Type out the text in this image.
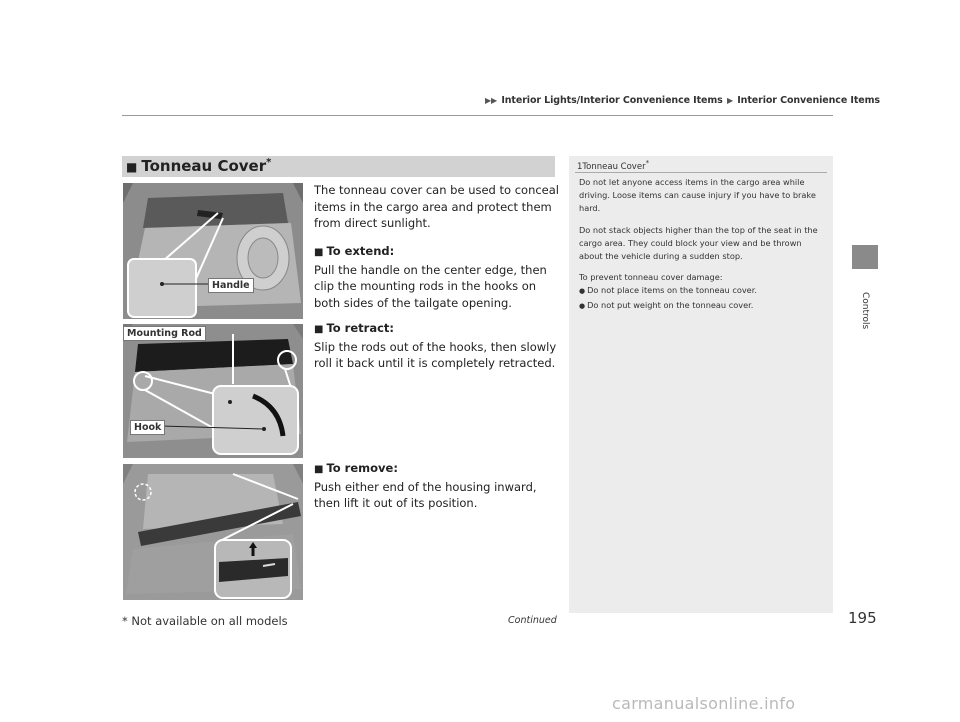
▶▶ Interior Lights/Interior Convenience Items ▶ Interior Convenience Items
Controls
■ Tonneau Cover*
Handle
Mounting Rod
Hook

The tonneau cover can be used to conceal items in the cargo area and protect them from direct sunlight.

■ To extend:

Pull the handle on the center edge, then clip the mounting rods in the hooks on both sides of the tailgate opening.

■ To retract:

Slip the rods out of the hooks, then slowly roll it back until it is completely retracted.

■ To remove:

Push either end of the housing inward, then lift it out of its position.

1Tonneau Cover*

Do not let anyone access items in the cargo area while driving. Loose items can cause injury if you have to brake hard.

Do not stack objects higher than the top of the seat in the cargo area. They could block your view and be thrown about the vehicle during a sudden stop.

To prevent tonneau cover damage:

● Do not place items on the tonneau cover.
● Do not put weight on the tonneau cover.
* Not available on all models	Continued	195
carmanualsonline.info
